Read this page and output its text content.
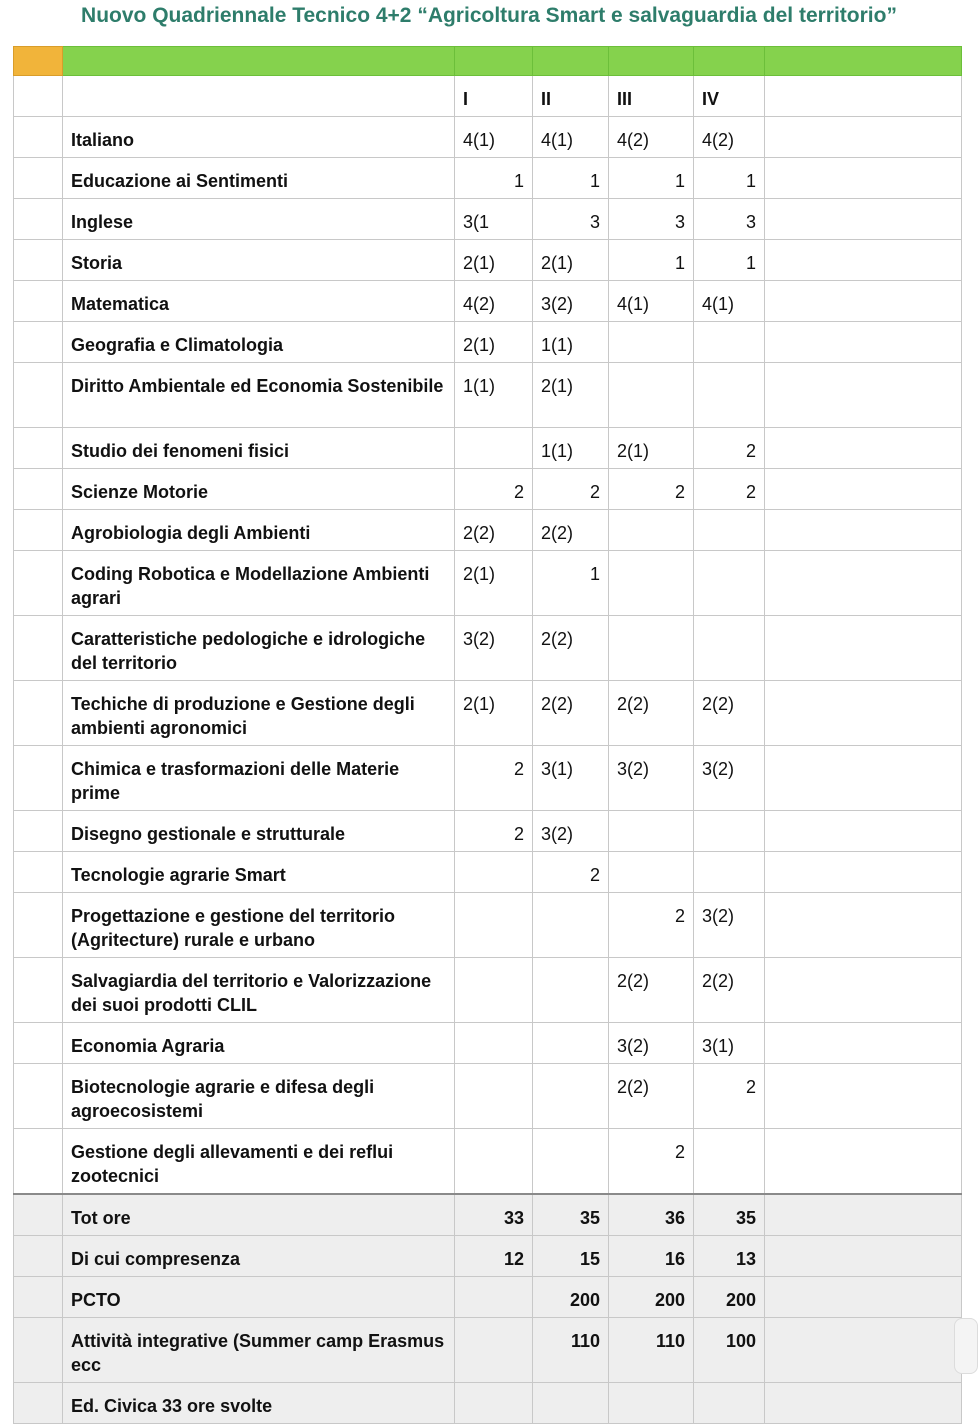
Nuovo Quadriennale Tecnico 4+2 “Agricoltura Smart e salvaguardia del territorio”

		I	II	III	IV	
	Italiano	4(1)	4(1)	4(2)	4(2)	
	Educazione ai Sentimenti	1	1	1	1	
	Inglese	3(1	3	3	3	
	Storia	2(1)	2(1)	1	1	
	Matematica	4(2)	3(2)	4(1)	4(1)	
	Geografia e Climatologia	2(1)	1(1)			
	Diritto Ambientale ed Economia Sostenibile	1(1)	2(1)			
	Studio dei fenomeni fisici		1(1)	2(1)	2	
	Scienze Motorie	2	2	2	2	
	Agrobiologia degli Ambienti	2(2)	2(2)			
	Coding Robotica e Modellazione Ambienti agrari	2(1)	1			
	Caratteristiche pedologiche e idrologiche del territorio	3(2)	2(2)			
	Techiche di produzione e Gestione degli ambienti agronomici	2(1)	2(2)	2(2)	2(2)	
	Chimica e trasformazioni delle Materie prime	2	3(1)	3(2)	3(2)	
	Disegno gestionale e strutturale	2	3(2)			
	Tecnologie agrarie Smart		2			
	Progettazione e gestione del territorio (Agritecture) rurale e urbano			2	3(2)	
	Salvagiardia del territorio e Valorizzazione dei suoi prodotti CLIL			2(2)	2(2)	
	Economia Agraria			3(2)	3(1)	
	Biotecnologie agrarie e difesa degli agroecosistemi			2(2)	2	
	Gestione degli allevamenti e dei reflui zootecnici			2		
	Tot ore	33	35	36	35	
	Di cui compresenza	12	15	16	13	
	PCTO		200	200	200	
	Attività integrative (Summer camp Erasmus ecc		110	110	100	
	Ed. Civica 33 ore svolte					
